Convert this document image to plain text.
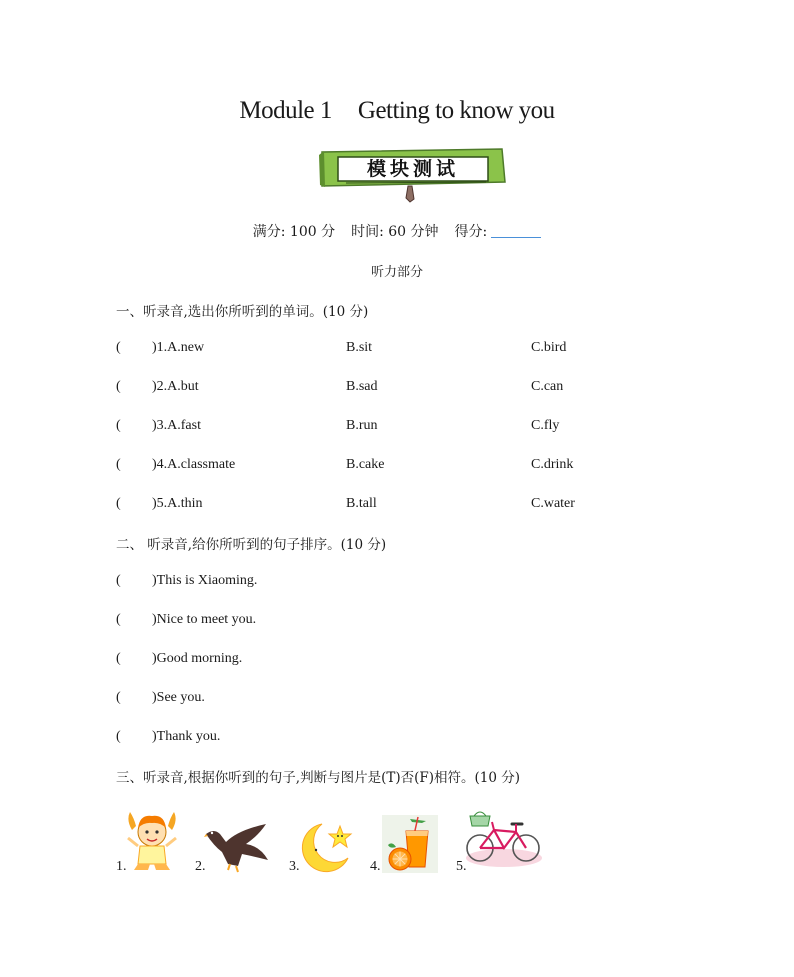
Module 1 Getting to know you
模块测试
满分: 100 分 时间: 60 分钟 得分:
听力部分
一、听录音,选出你所听到的单词。(10 分)
( )1.A.new	B.sit	C.bird
( )2.A.but	B.sad	C.can
( )3.A.fast	B.run	C.fly
( )4.A.classmate	B.cake	C.drink
( )5.A.thin	B.tall	C.water
二、 听录音,给你所听到的句子排序。(10 分)
( )This is Xiaoming.
( )Nice to meet you.
( )Good morning.
( )See you.
( )Thank you.
三、听录音,根据你听到的句子,判断与图片是(T)否(F)相符。(10 分)
1.	2.	3.	4.	5.
